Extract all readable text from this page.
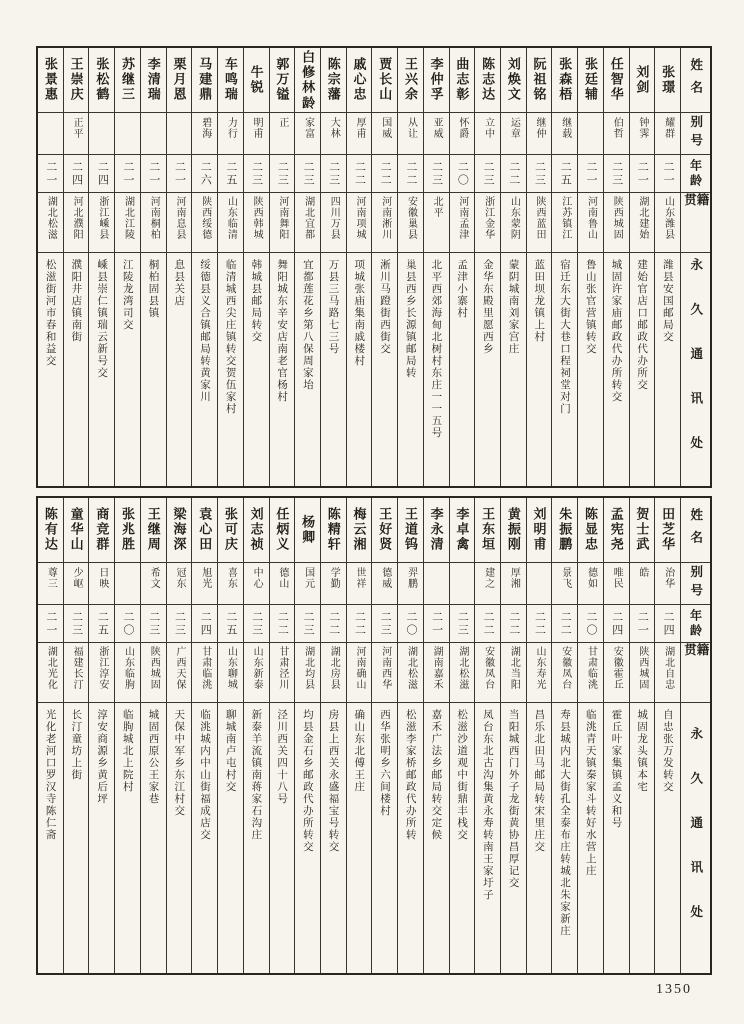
姓名
别号
年龄
籍贯
永久通讯处
张璟
耀群
二一
山东潍县
潍县安国邮局交
刘剑
钟霁
二一
湖北建始
建始官店口邮政代办所交
任智华
伯哲
二三
陕西城固
城固许家庙邮政代办所转交
张廷辅
二一
河南鲁山
鲁山张官营镇转交
张森梧
继载
二五
江苏镇江
宿迁东大街大巷口程祠堂对门
阮祖铭
继仲
二三
陕西蓝田
蓝田坝龙镇上村
刘焕文
运章
二二
山东蒙阴
蒙阴城南刘家宫庄
陈志达
立中
二三
浙江金华
金华东殿里愿西乡
曲志彰
怀爵
二〇
河南孟津
孟津小寨村
李仲孚
亚威
二三
北平
北平西郊海甸北树村东庄一一五号
王兴余
从让
二二
安徽巢县
巢县西乡长源镇邮局转
贾长山
国威
二二
河南淅川
淅川马蹬街西街交
戚心忠
厚甫
二二
河南项城
项城张庙集南戚楼村
陈宗藩
大林
二三
四川万县
万县三马路七三号
白修林
龄
家富
二三
湖北宜都
宜都莲花乡第八保周家坮
郭万镒
正
二三
河南舞阳
舞阳城东辛安店南老官杨村
牛锐
明甫
二三
陕西韩城
韩城县邮局转交
车鸣瑞
力行
二五
山东临清
临清城西尖庄镇转交贺伍家村
马建鼎
碧海
二六
陕西绥德
绥德县义合镇邮局转黄家川
栗月恩
二一
河南息县
息县关店
李清瑞
二一
河南桐柏
桐柏固县镇
苏继三
二一
湖北江陵
江陵龙湾司交
张松鹤
二四
浙江嵊县
嵊县崇仁镇瑞云新号交
王崇庆
正平
二四
河北濮阳
濮阳井店镇南街
张景惠
二一
湖北松滋
松滋街河市春和益交
姓名
别号
年龄
籍贯
永久通讯处
田芝华
治华
二四
湖北自忠
自忠张万发转交
贺士武
皓
二一
陕西城固
城固龙头镇本宅
孟宪尧
唯民
二四
安徽霍丘
霍丘叶家集镇孟义和号
陈显忠
德如
二〇
甘肃临洮
临洮青天镇秦家斗转好水营上庄
朱振鹏
景飞
二二
安徽凤台
寿县城内北大街孔全泰布庄转城北朱家新庄
刘明甫
二二
山东寿光
昌乐北田马邮局转宋里庄交
黄振刚
厚湘
二二
湖北当阳
当阳城西门外子龙街黄协昌厚记交
王东垣
建之
二二
安徽凤台
凤台东北古沟集黄永寿转南王家圩子
李卓禽
二三
湖北松滋
松滋沙道观中街鼎丰栈交
李永清
二一
湖南嘉禾
嘉禾广法乡邮局转交定候
王道钨
羿鹏
二〇
湖北松滋
松滋李家桥邮政代办所转
王好贤
德威
二三
河南西华
西华张明乡六间楼村
梅云湘
世祥
二二
河南确山
确山东北傅王庄
陈精轩
学勤
二二
湖北房县
房县上西关永盛福宝号转交
杨卿
国元
二三
湖北均县
均县金石乡邮政代办所转交
任炳义
德山
二二
甘肃泾川
泾川西关四十八号
刘志祯
中心
二三
山东新泰
新泰羊流镇南蒋家石沟庄
张可庆
喜东
二五
山东聊城
聊城南卢屯村交
袁心田
旭光
二四
甘肃临洮
临洮城内中山街福成店交
梁海深
冠东
二三
广西天保
天保中军乡东江村交
王继周
希文
二三
陕西城固
城固西原公王家巷
张兆胜
二〇
山东临朐
临朐城北上院村
商竞群
日映
二五
浙江淳安
淳安商源乡黄后坪
童华山
少岖
二三
福建长汀
长汀童坊上街
陈有达
尊三
二一
湖北光化
光化老河口罗汉寺陈仁斋
1350
